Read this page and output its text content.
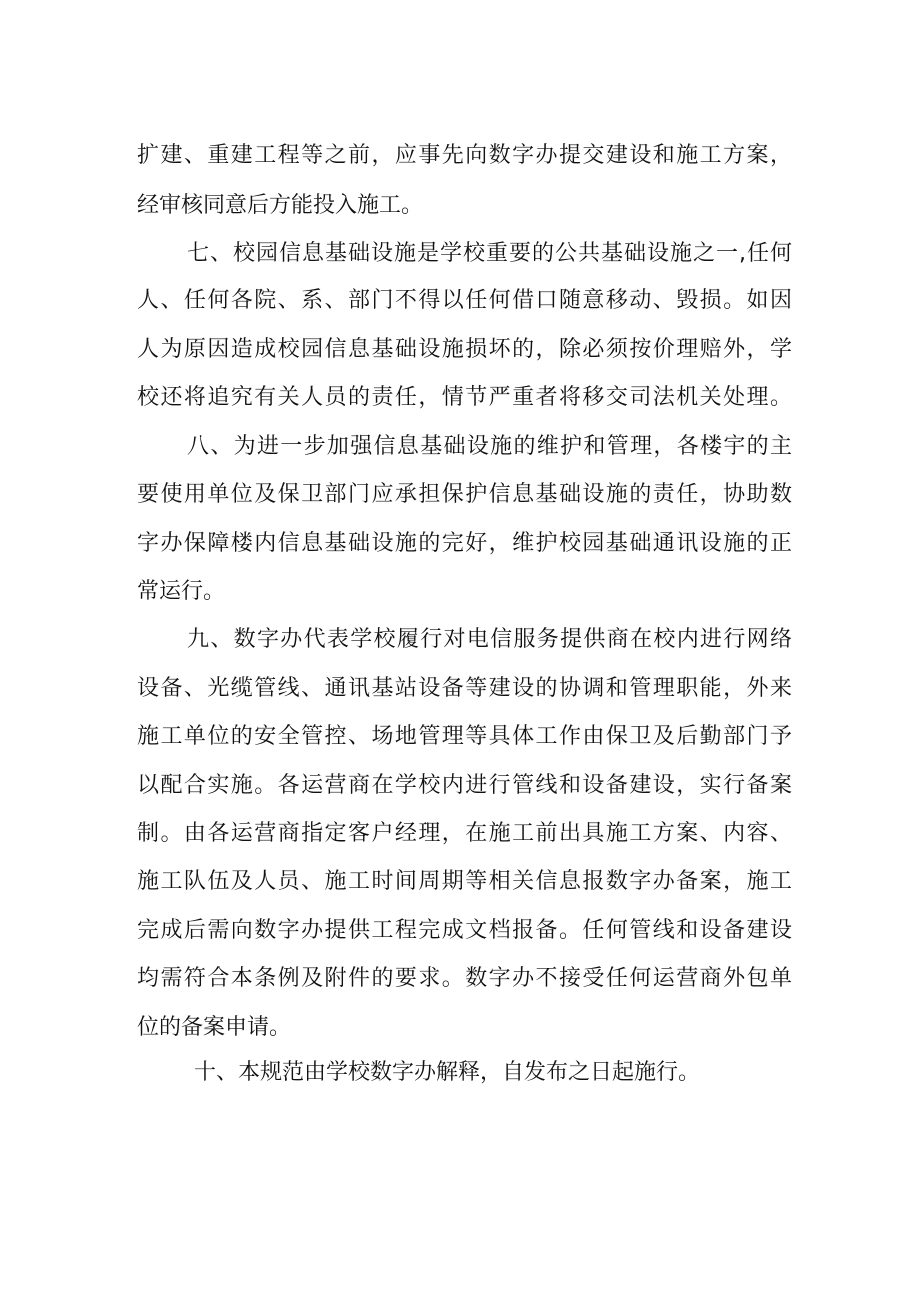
扩建、重建工程等之前，应事先向数字办提交建设和施工方案，
经审核同意后方能投入施工。
七、校园信息基础设施是学校重要的公共基础设施之一,任何
人、任何各院、系、部门不得以任何借口随意移动、毁损。如因
人为原因造成校园信息基础设施损坏的，除必须按价理赔外，学
校还将追究有关人员的责任，情节严重者将移交司法机关处理。
八、为进一步加强信息基础设施的维护和管理，各楼宇的主
要使用单位及保卫部门应承担保护信息基础设施的责任，协助数
字办保障楼内信息基础设施的完好，维护校园基础通讯设施的正
常运行。
九、数字办代表学校履行对电信服务提供商在校内进行网络
设备、光缆管线、通讯基站设备等建设的协调和管理职能，外来
施工单位的安全管控、场地管理等具体工作由保卫及后勤部门予
以配合实施。各运营商在学校内进行管线和设备建设，实行备案
制。由各运营商指定客户经理，在施工前出具施工方案、内容、
施工队伍及人员、施工时间周期等相关信息报数字办备案，施工
完成后需向数字办提供工程完成文档报备。任何管线和设备建设
均需符合本条例及附件的要求。数字办不接受任何运营商外包单
位的备案申请。
十、本规范由学校数字办解释，自发布之日起施行。
